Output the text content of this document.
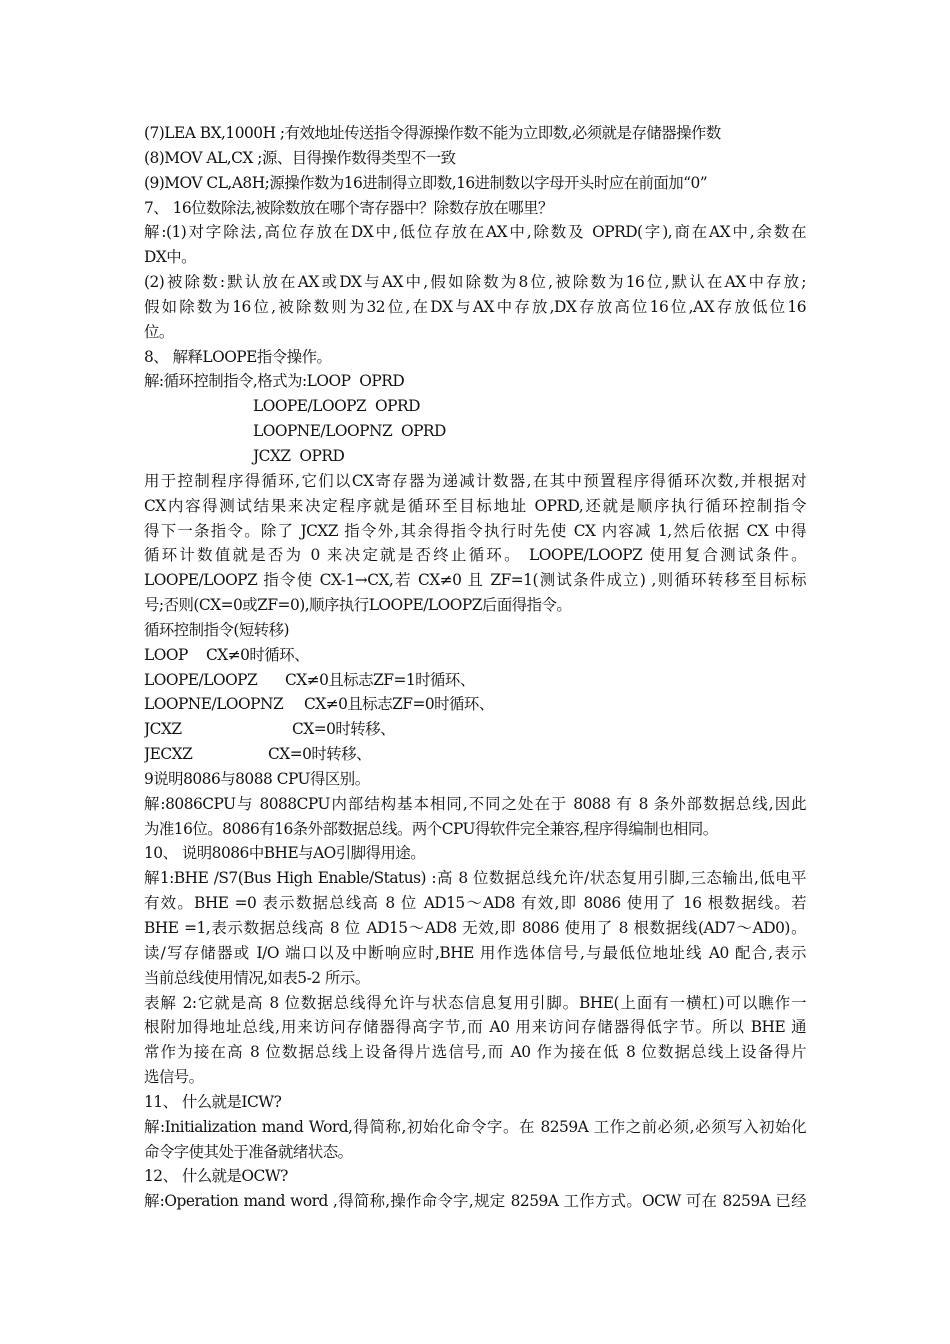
(7)LEA BX,1000H ;有效地址传送指令得源操作数不能为立即数,必须就是存储器操作数
(8)MOV AL,CX ;源、目得操作数得类型不一致
(9)MOV CL,A8H;源操作数为16进制得立即数,16进制数以字母开头时应在前面加“0”
7、 16位数除法,被除数放在哪个寄存器中？除数存放在哪里？
解:(1)对字除法,高位存放在DX中,低位存放在AX中,除数及 OPRD(字),商在AX中,余数在
DX中。
(2)被除数:默认放在AX或DX与AX中,假如除数为8位,被除数为16位,默认在AX中存放;
假如除数为16位,被除数则为32位,在DX与AX中存放,DX存放高位16位,AX存放低位16
位。
8、 解释LOOPE指令操作。
解:循环控制指令,格式为:LOOP  OPRD
LOOPE/LOOPZ  OPRD
LOOPNE/LOOPNZ  OPRD
JCXZ  OPRD
用于控制程序得循环,它们以CX寄存器为递减计数器,在其中预置程序得循环次数,并根据对
CX内容得测试结果来决定程序就是循环至目标地址 OPRD,还就是顺序执行循环控制指令
得下一条指令。除了 JCXZ 指令外,其余得指令执行时先使 CX 内容减 1,然后依据 CX 中得
循环计数值就是否为 0 来决定就是否终止循环。 LOOPE/LOOPZ 使用复合测试条件。
LOOPE/LOOPZ 指令使 CX-1→CX,若 CX≠0 且 ZF=1(测试条件成立) ,则循环转移至目标标
号;否则(CX=0或ZF=0),顺序执行LOOPE/LOOPZ后面得指令。
循环控制指令(短转移)
LOOP CX≠0时循环、
LOOPE/LOOPZ CX≠0且标志ZF=1时循环、
LOOPNE/LOOPNZ CX≠0且标志ZF=0时循环、
JCXZ	CX=0时转移、
JECXZ	CX=0时转移、
9说明8086与8088 CPU得区别。
解:8086CPU与 8088CPU内部结构基本相同,不同之处在于 8088 有 8 条外部数据总线,因此
为准16位。8086有16条外部数据总线。两个CPU得软件完全兼容,程序得编制也相同。
10、 说明8086中BHE与AO引脚得用途。
解1:BHE /S7(Bus High Enable/Status) :高 8 位数据总线允许/状态复用引脚,三态输出,低电平
有效。BHE =0 表示数据总线高 8 位 AD15～AD8 有效,即 8086 使用了 16 根数据线。若
BHE =1,表示数据总线高 8 位 AD15～AD8 无效,即 8086 使用了 8 根数据线(AD7～AD0)。
读/写存储器或 I/O 端口以及中断响应时,BHE 用作选体信号,与最低位地址线 A0 配合,表示
当前总线使用情况,如表5-2 所示。
表解 2:它就是高 8 位数据总线得允许与状态信息复用引脚。BHE(上面有一横杠)可以瞧作一
根附加得地址总线,用来访问存储器得高字节,而 A0 用来访问存储器得低字节。所以 BHE 通
常作为接在高 8 位数据总线上设备得片选信号,而 A0 作为接在低 8 位数据总线上设备得片
选信号。
11、 什么就是ICW?
解:Initialization mand Word,得简称,初始化命令字。在 8259A 工作之前必须,必须写入初始化
命令字使其处于准备就绪状态。
12、 什么就是OCW?
解:Operation mand word ,得简称,操作命令字,规定 8259A 工作方式。OCW 可在 8259A 已经
